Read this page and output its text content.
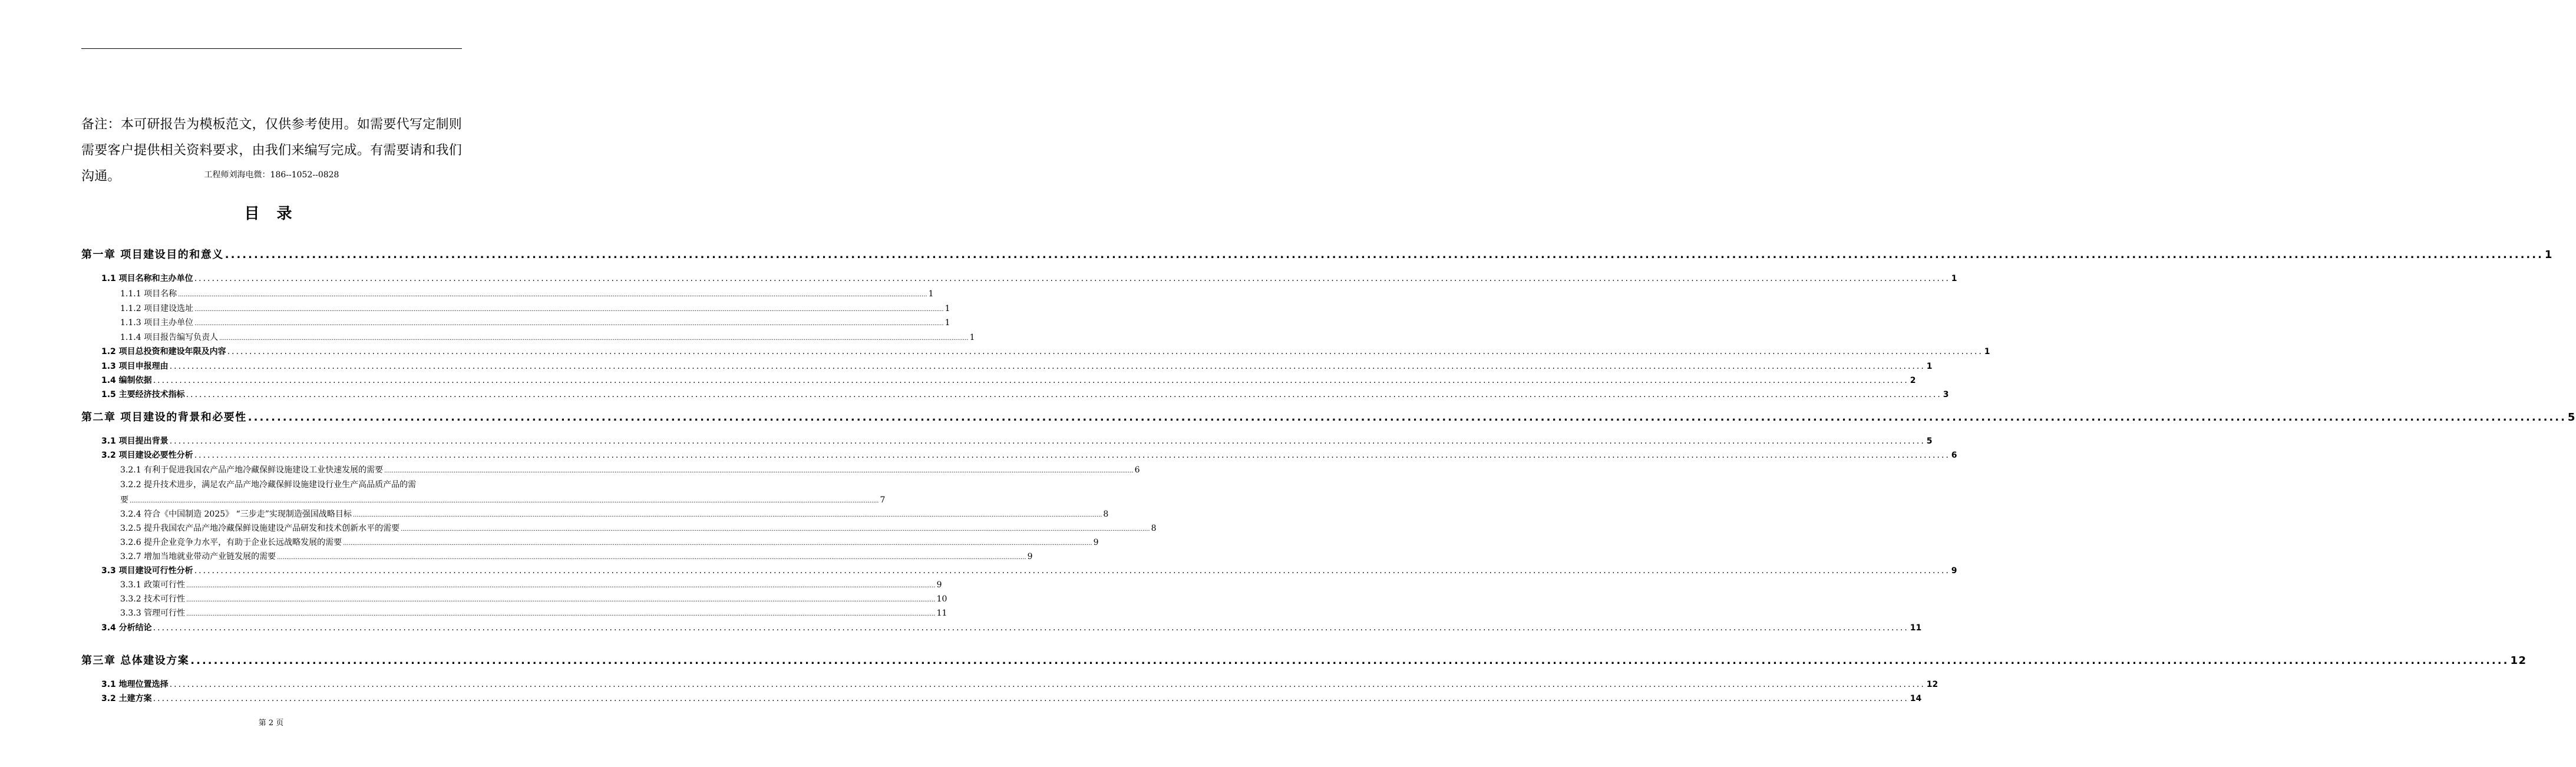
备注：本可研报告为模板范文，仅供参考使用。如需要代写定制则需要客户提供相关资料要求，由我们来编写完成。有需要请和我们沟通。	工程师刘海电微：186--1052--0828
目 录
第一章 项目建设目的和意义 ................................................................................................................................................................................................................................................................................................................................................................................................................ 1
1.1 项目名称和主办单位 ................................................................................................................................................................................................................................................................................................................................................................................................................ 1
1.1.1 项目名称 ................................................................................................................................................................................................................................................................................................................................................................................................................ 1
1.1.2 项目建设选址 ................................................................................................................................................................................................................................................................................................................................................................................................................ 1
1.1.3 项目主办单位 ................................................................................................................................................................................................................................................................................................................................................................................................................ 1
1.1.4 项目报告编写负责人 ................................................................................................................................................................................................................................................................................................................................................................................................................ 1
1.2 项目总投资和建设年限及内容 ................................................................................................................................................................................................................................................................................................................................................................................................................ 1
1.3 项目申报理由 ................................................................................................................................................................................................................................................................................................................................................................................................................ 1
1.4 编制依据 ................................................................................................................................................................................................................................................................................................................................................................................................................ 2
1.5 主要经济技术指标 ................................................................................................................................................................................................................................................................................................................................................................................................................ 3
第二章 项目建设的背景和必要性 ................................................................................................................................................................................................................................................................................................................................................................................................................ 5
3.1 项目提出背景 ................................................................................................................................................................................................................................................................................................................................................................................................................ 5
3.2 项目建设必要性分析 ................................................................................................................................................................................................................................................................................................................................................................................................................ 6
3.2.1 有利于促进我国农产品产地冷藏保鲜设施建设工业快速发展的需要 ................................................................................................................................................................................................................................................................................................................................................................................................................ 6
3.2.2 提升技术进步，满足农产品产地冷藏保鲜设施建设行业生产高品质产品的需
要 ................................................................................................................................................................................................................................................................................................................................................................................................................ 7
3.2.4 符合《中国制造 2025》 “三步走”实现制造强国战略目标 ................................................................................................................................................................................................................................................................................................................................................................................................................ 8
3.2.5 提升我国农产品产地冷藏保鲜设施建设产品研发和技术创新水平的需要 ................................................................................................................................................................................................................................................................................................................................................................................................................ 8
3.2.6 提升企业竞争力水平，有助于企业长远战略发展的需要 ................................................................................................................................................................................................................................................................................................................................................................................................................ 9
3.2.7 增加当地就业带动产业链发展的需要 ................................................................................................................................................................................................................................................................................................................................................................................................................ 9
3.3 项目建设可行性分析 ................................................................................................................................................................................................................................................................................................................................................................................................................ 9
3.3.1 政策可行性 ................................................................................................................................................................................................................................................................................................................................................................................................................ 9
3.3.2 技术可行性 ................................................................................................................................................................................................................................................................................................................................................................................................................ 10
3.3.3 管理可行性 ................................................................................................................................................................................................................................................................................................................................................................................................................ 11
3.4 分析结论 ................................................................................................................................................................................................................................................................................................................................................................................................................ 11
第三章 总体建设方案 ................................................................................................................................................................................................................................................................................................................................................................................................................ 12
3.1 地理位置选择 ................................................................................................................................................................................................................................................................................................................................................................................................................ 12
3.2 土建方案 ................................................................................................................................................................................................................................................................................................................................................................................................................ 14
第 2 页
